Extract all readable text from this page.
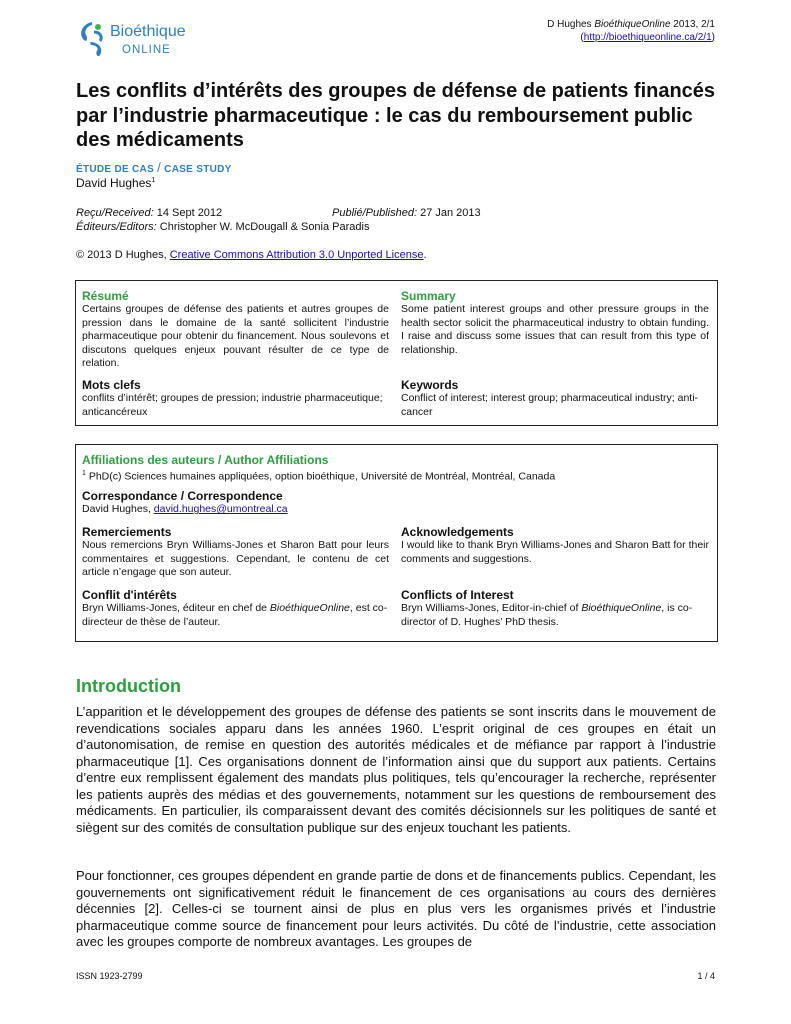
Bioéthique
ONLINE
D Hughes BioéthiqueOnline 2013, 2/1
(http://bioethiqueonline.ca/2/1)
Les conflits d’intérêts des groupes de défense de patients financés par l’industrie pharmaceutique : le cas du remboursement public des médicaments
ÉTUDE DE CAS / CASE STUDY
David Hughes$^1$
Reçu/Received: 14 Sept 2012	Publié/Published: 27 Jan 2013
Éditeurs/Editors: Christopher W. McDougall & Sonia Paradis
© 2013 D Hughes, Creative Commons Attribution 3.0 Unported License.
Résumé
Certains groupes de défense des patients et autres groupes de pression dans le domaine de la santé sollicitent l’industrie pharmaceutique pour obtenir du financement. Nous soulevons et discutons quelques enjeux pouvant résulter de ce type de relation.
Summary
Some patient interest groups and other pressure groups in the health sector solicit the pharmaceutical industry to obtain funding. I raise and discuss some issues that can result from this type of relationship.
Mots clefs
conflits d’intérêt; groupes de pression; industrie pharmaceutique; anticancéreux
Keywords
Conflict of interest; interest group; pharmaceutical industry; anti-cancer
Affiliations des auteurs / Author Affiliations
$^1$ PhD(c) Sciences humaines appliquées, option bioéthique, Université de Montréal, Montréal, Canada
Correspondance / Correspondence
David Hughes, david.hughes@umontreal.ca
Remerciements
Nous remercions Bryn Williams-Jones et Sharon Batt pour leurs commentaires et suggestions. Cependant, le contenu de cet article n’engage que son auteur.
Acknowledgements
I would like to thank Bryn Williams-Jones and Sharon Batt for their comments and suggestions.
Conflit d'intérêts
Bryn Williams-Jones, éditeur en chef de BioéthiqueOnline, est co-directeur de thèse de l’auteur.
Conflicts of Interest
Bryn Williams-Jones, Editor-in-chief of BioéthiqueOnline, is co-director of D. Hughes’ PhD thesis.
Introduction

L’apparition et le développement des groupes de défense des patients se sont inscrits dans le mouvement de revendications sociales apparu dans les années 1960. L’esprit original de ces groupes en était un d’autonomisation, de remise en question des autorités médicales et de méfiance par rapport à l’industrie pharmaceutique [1]. Ces organisations donnent de l’information ainsi que du support aux patients. Certains d’entre eux remplissent également des mandats plus politiques, tels qu’encourager la recherche, représenter les patients auprès des médias et des gouvernements, notamment sur les questions de remboursement des médicaments. En particulier, ils comparaissent devant des comités décisionnels sur les politiques de santé et siègent sur des comités de consultation publique sur des enjeux touchant les patients.

Pour fonctionner, ces groupes dépendent en grande partie de dons et de financements publics. Cependant, les gouvernements ont significativement réduit le financement de ces organisations au cours des dernières décennies [2]. Celles-ci se tournent ainsi de plus en plus vers les organismes privés et l’industrie pharmaceutique comme source de financement pour leurs activités. Du côté de l’industrie, cette association avec les groupes comporte de nombreux avantages. Les groupes de

ISSN 1923-2799	1 / 4
